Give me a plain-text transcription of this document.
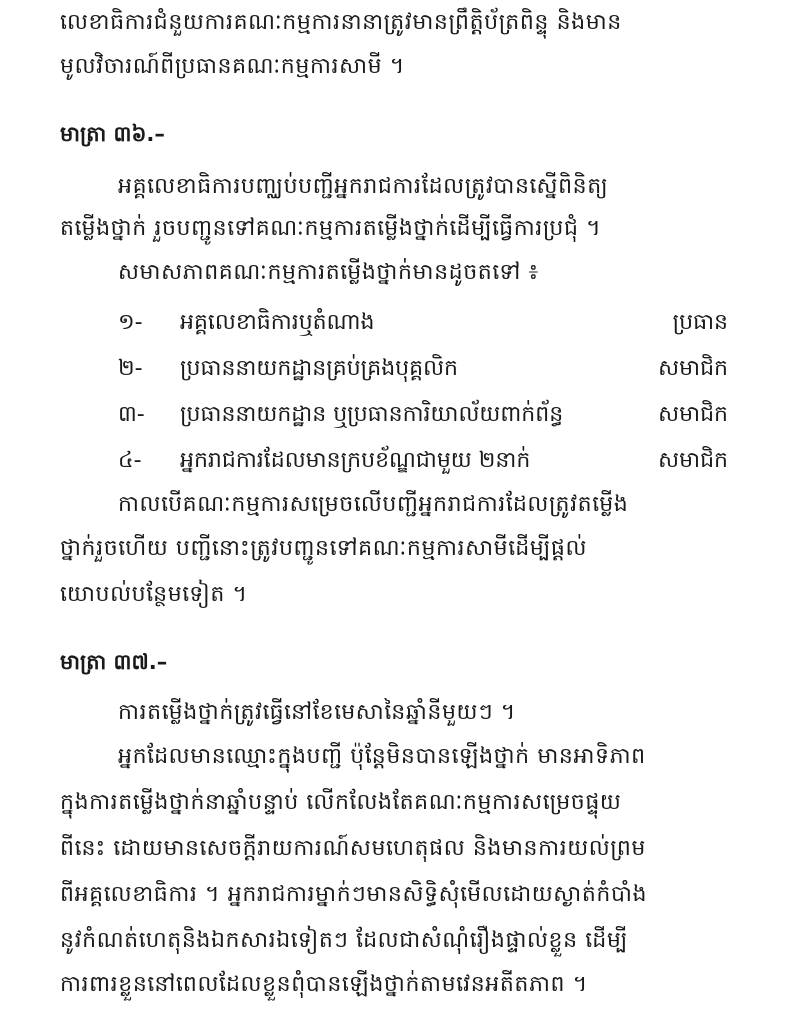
លេខាធិការជំនួយការគណៈកម្មការនានាត្រូវមានព្រឹត្តិប័ត្រពិន្ទុ និងមាន
មូលវិចារណ៍ពីប្រធានគណៈកម្មការសាមី ។
មាត្រា ៣៦.–
អគ្គលេខាធិការបញ្ឈប់បញ្ជីអ្នករាជការដែលត្រូវបានស្នើពិនិត្យ
តម្លើងថ្នាក់ រួចបញ្ជូនទៅគណៈកម្មការតម្លើងថ្នាក់ដើម្បីធ្វើការប្រជុំ ។
សមាសភាពគណៈកម្មការតម្លើងថ្នាក់មានដូចតទៅ ៖
១-	អគ្គលេខាធិការឬតំណាង	ប្រធាន
២-	ប្រធាននាយកដ្ឋានគ្រប់គ្រងបុគ្គលិក	សមាជិក
៣-	ប្រធាននាយកដ្ឋាន ឬប្រធានការិយាល័យពាក់ព័ន្ធ	សមាជិក
៤-	អ្នករាជការដែលមានក្របខ័ណ្ឌជាមួយ ២នាក់	សមាជិក
កាលបើគណៈកម្មការសម្រេចលើបញ្ជីអ្នករាជការដែលត្រូវតម្លើង
ថ្នាក់រួចហើយ បញ្ជីនោះត្រូវបញ្ជូនទៅគណៈកម្មការសាមីដើម្បីផ្តល់
យោបល់បន្ថែមទៀត ។
មាត្រា ៣៧.–
ការតម្លើងថ្នាក់ត្រូវធ្វើនៅខែមេសានៃឆ្នាំនីមួយៗ ។
អ្នកដែលមានឈ្មោះក្នុងបញ្ជី ប៉ុន្តែមិនបានឡើងថ្នាក់ មានអាទិភាព
ក្នុងការតម្លើងថ្នាក់នាឆ្នាំបន្ទាប់ លើកលែងតែគណៈកម្មការសម្រេចផ្ទុយ
ពីនេះ ដោយមានសេចក្តីរាយការណ៍សមហេតុផល និងមានការយល់ព្រម
ពីអគ្គលេខាធិការ ។ អ្នករាជការម្នាក់ៗមានសិទ្ធិសុំមើលដោយស្ងាត់កំបាំង
នូវកំណត់ហេតុនិងឯកសារឯទៀតៗ ដែលជាសំណុំរឿងផ្ទាល់ខ្លួន ដើម្បី
ការពារខ្លួននៅពេលដែលខ្លួនពុំបានឡើងថ្នាក់តាមវេនអតីតភាព ។
